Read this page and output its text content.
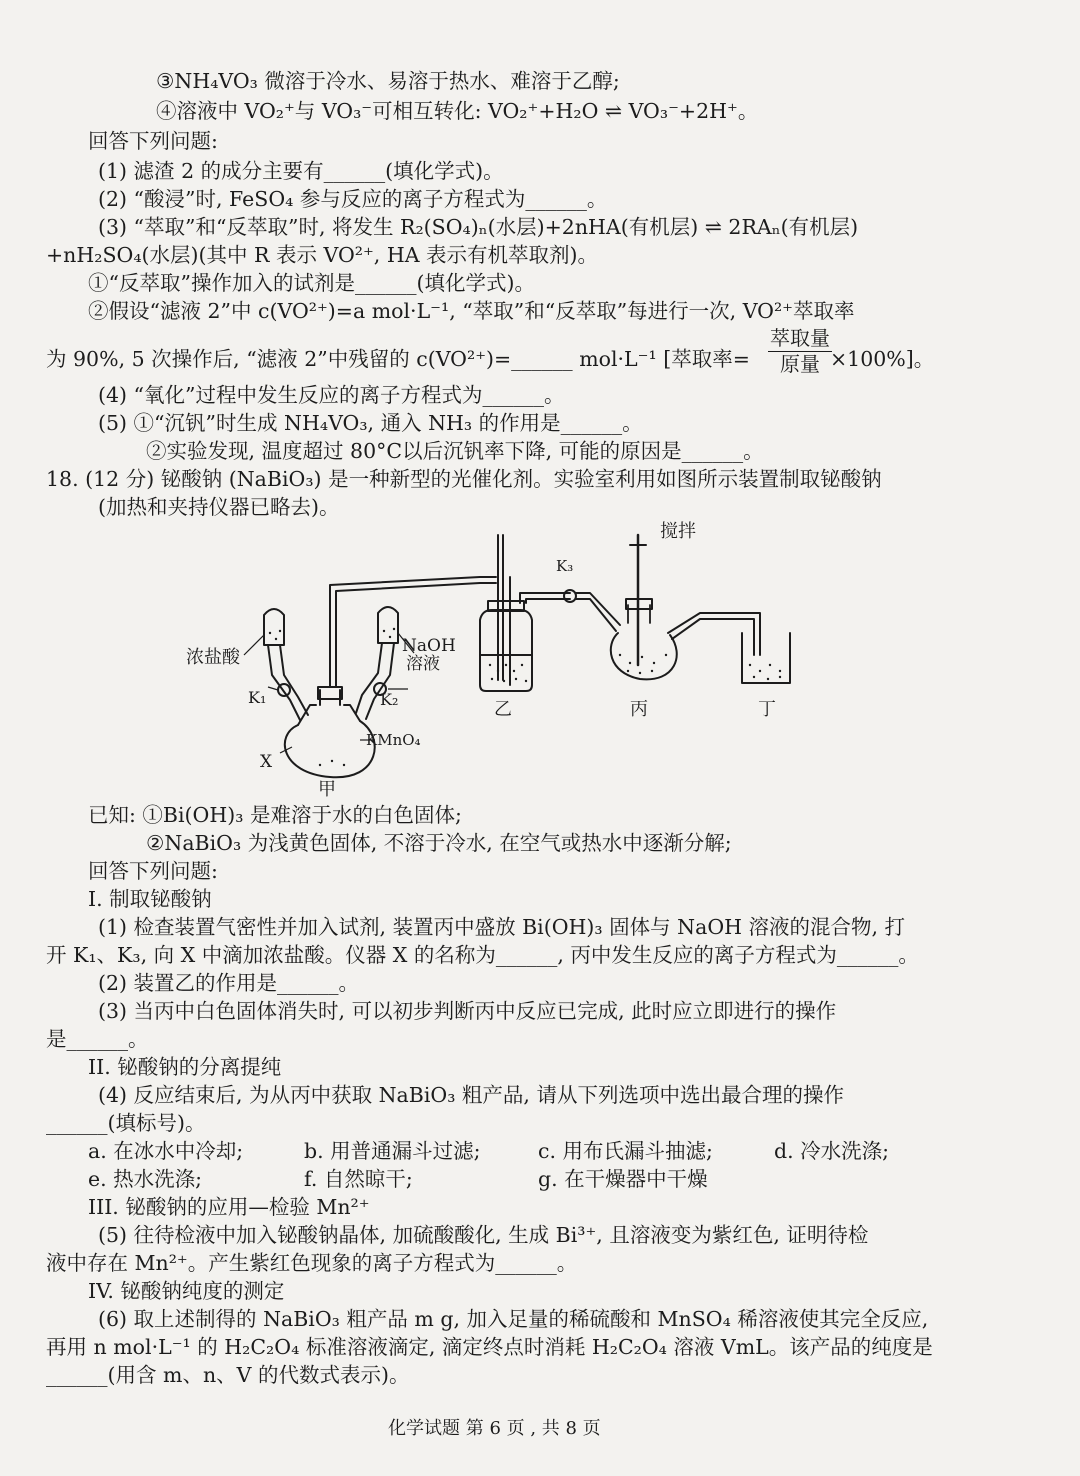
③NH₄VO₃ 微溶于冷水、易溶于热水、难溶于乙醇;
④溶液中 VO₂⁺与 VO₃⁻可相互转化: VO₂⁺+H₂O ⇌ VO₃⁻+2H⁺。
回答下列问题:
(1) 滤渣 2 的成分主要有______(填化学式)。
(2) “酸浸”时, FeSO₄ 参与反应的离子方程式为______。
(3) “萃取”和“反萃取”时, 将发生 R₂(SO₄)ₙ(水层)+2nHA(有机层) ⇌ 2RAₙ(有机层)
+nH₂SO₄(水层)(其中 R 表示 VO²⁺, HA 表示有机萃取剂)。
①“反萃取”操作加入的试剂是______(填化学式)。
②假设“滤液 2”中 c(VO²⁺)=a mol·L⁻¹, “萃取”和“反萃取”每进行一次, VO²⁺萃取率
为 90%, 5 次操作后, “滤液 2”中残留的 c(VO²⁺)=______ mol·L⁻¹ [萃取率=
萃取量
原量 ×100%]。
(4) “氧化”过程中发生反应的离子方程式为______。
(5) ①“沉钒”时生成 NH₄VO₃, 通入 NH₃ 的作用是______。
②实验发现, 温度超过 80°C以后沉钒率下降, 可能的原因是______。
18. (12 分) 铋酸钠 (NaBiO₃) 是一种新型的光催化剂。实验室利用如图所示装置制取铋酸钠
(加热和夹持仪器已略去)。
浓盐酸
K₁
NaOH
溶液
K₂
KMnO₄
X
甲
乙	丙	丁
K₃
搅拌
已知: ①Bi(OH)₃ 是难溶于水的白色固体;
②NaBiO₃ 为浅黄色固体, 不溶于冷水, 在空气或热水中逐渐分解;
回答下列问题:
I. 制取铋酸钠
(1) 检查装置气密性并加入试剂, 装置丙中盛放 Bi(OH)₃ 固体与 NaOH 溶液的混合物, 打
开 K₁、K₃, 向 X 中滴加浓盐酸。仪器 X 的名称为______, 丙中发生反应的离子方程式为______。
(2) 装置乙的作用是______。
(3) 当丙中白色固体消失时, 可以初步判断丙中反应已完成, 此时应立即进行的操作
是______。
II. 铋酸钠的分离提纯
(4) 反应结束后, 为从丙中获取 NaBiO₃ 粗产品, 请从下列选项中选出最合理的操作
______(填标号)。
a. 在冰水中冷却;	b. 用普通漏斗过滤;	c. 用布氏漏斗抽滤;	d. 冷水洗涤;
e. 热水洗涤;	f. 自然晾干;	g. 在干燥器中干燥
III. 铋酸钠的应用—检验 Mn²⁺
(5) 往待检液中加入铋酸钠晶体, 加硫酸酸化, 生成 Bi³⁺, 且溶液变为紫红色, 证明待检
液中存在 Mn²⁺。产生紫红色现象的离子方程式为______。
IV. 铋酸钠纯度的测定
(6) 取上述制得的 NaBiO₃ 粗产品 m g, 加入足量的稀硫酸和 MnSO₄ 稀溶液使其完全反应,
再用 n mol·L⁻¹ 的 H₂C₂O₄ 标准溶液滴定, 滴定终点时消耗 H₂C₂O₄ 溶液 VmL。该产品的纯度是
______(用含 m、n、V 的代数式表示)。
化学试题 第 6 页 , 共 8 页
